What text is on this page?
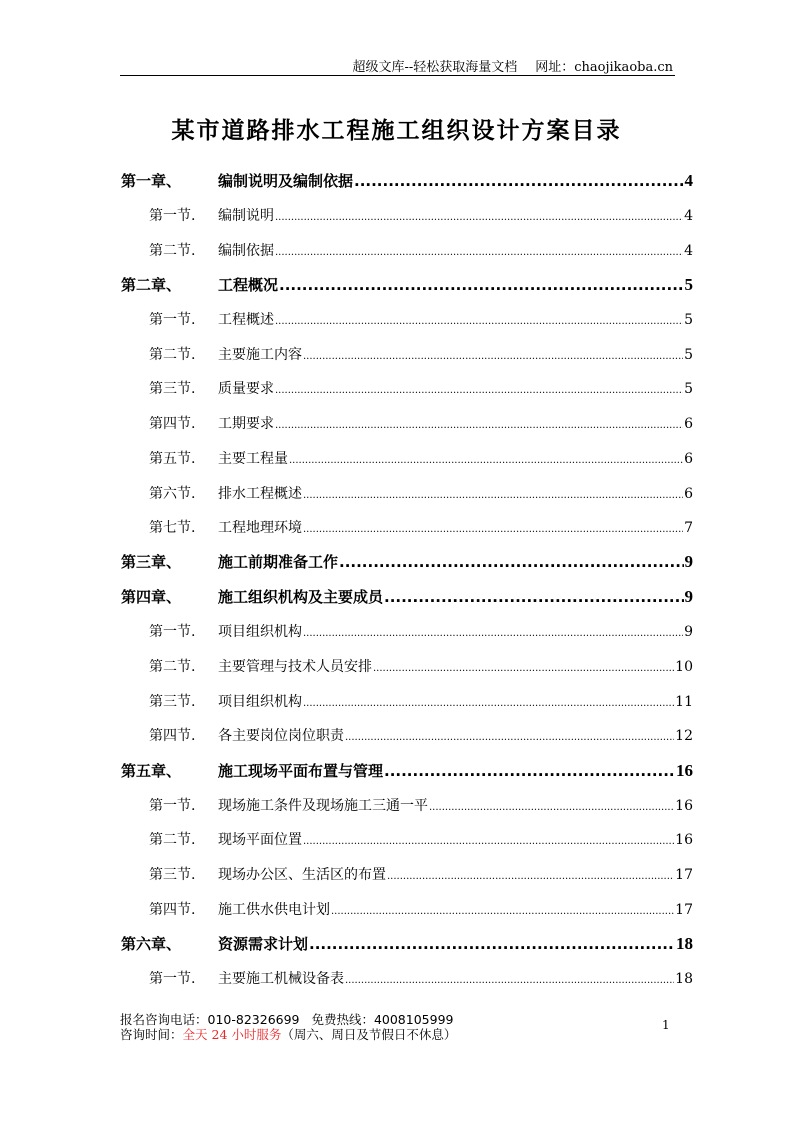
超级文库--轻松获取海量文档 网址：chaojikaoba.cn
某市道路排水工程施工组织设计方案目录
第一章、 编制说明及编制依据 .....	4
第一节. 编制说明 .....	4
第二节. 编制依据 .....	4
第二章、 工程概况 .....	5
第一节. 工程概述 .....	5
第二节. 主要施工内容 .....	5
第三节. 质量要求 .....	5
第四节. 工期要求 .....	6
第五节. 主要工程量 .....	6
第六节. 排水工程概述 .....	6
第七节. 工程地理环境 .....	7
第三章、 施工前期准备工作 .....	9
第四章、 施工组织机构及主要成员 .....	9
第一节. 项目组织机构 .....	9
第二节. 主要管理与技术人员安排 .....	10
第三节. 项目组织机构 .....	11
第四节. 各主要岗位岗位职责 .....	12
第五章、 施工现场平面布置与管理 .....	16
第一节. 现场施工条件及现场施工三通一平 .....	16
第二节. 现场平面位置 .....	16
第三节. 现场办公区、生活区的布置 .....	17
第四节. 施工供水供电计划 .....	17
第六章、 资源需求计划 .....	18
第一节. 主要施工机械设备表 .....	18
报名咨询电话：010-82326699 免费热线：4008105999
咨询时间：全天 24 小时服务（周六、周日及节假日不休息）
1
